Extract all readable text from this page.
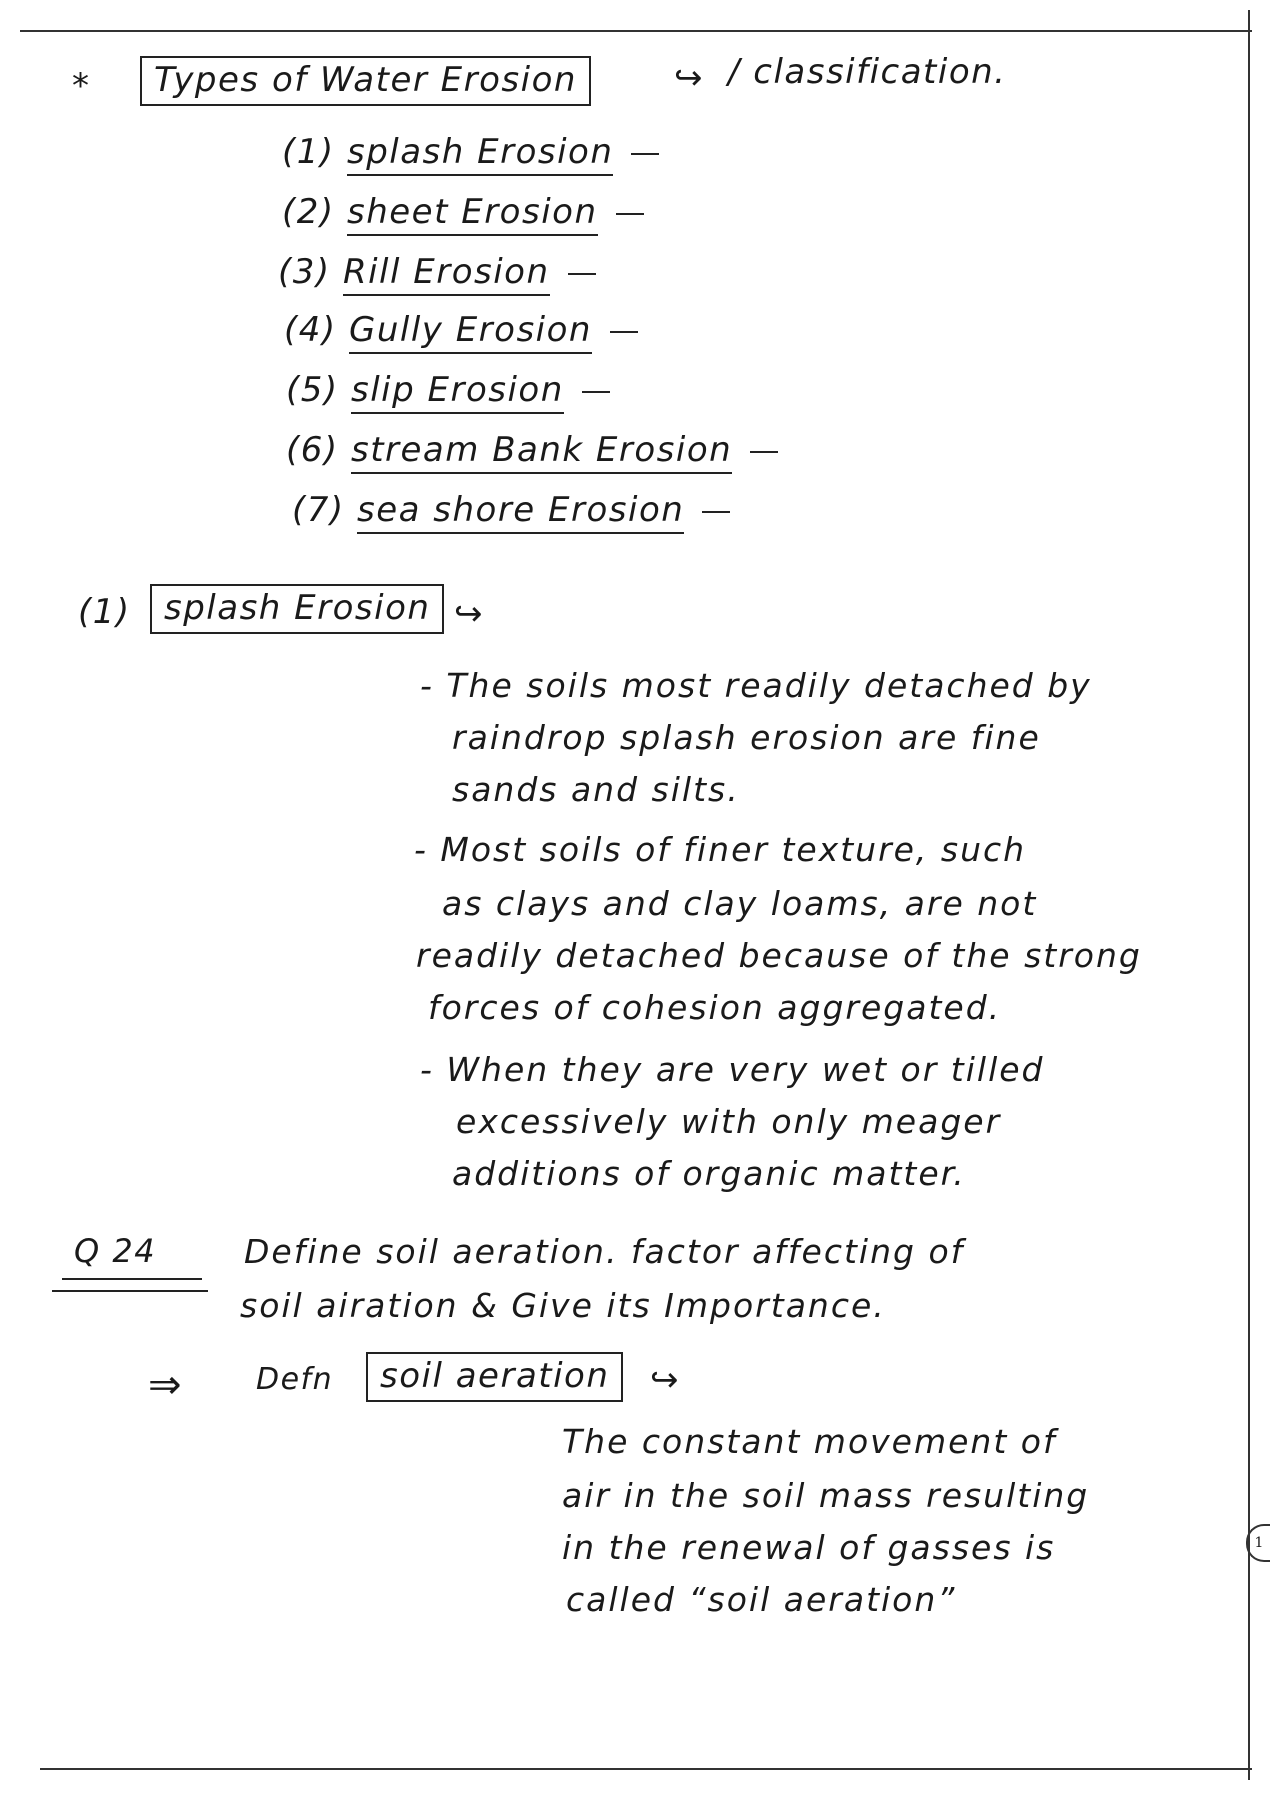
*	Types of Water Erosion	↪ / classification.
(1) splash Erosion
(2) sheet Erosion
(3) Rill Erosion
(4) Gully Erosion
(5) slip Erosion
(6) stream Bank Erosion
(7) sea shore Erosion
(1) splash Erosion ↪
- The soils most readily detached by
raindrop splash erosion are fine
sands and silts.
- Most soils of finer texture, such
as clays and clay loams, are not
readily detached because of the strong
forces of cohesion aggregated.
- When they are very wet or tilled
excessively with only meager
additions of organic matter.
Q 24	Define soil aeration. factor affecting of
soil airation & Give its Importance.
⇒ Defn	soil aeration	↪
The constant movement of
air in the soil mass resulting
in the renewal of gasses is
called “soil aeration”
1
